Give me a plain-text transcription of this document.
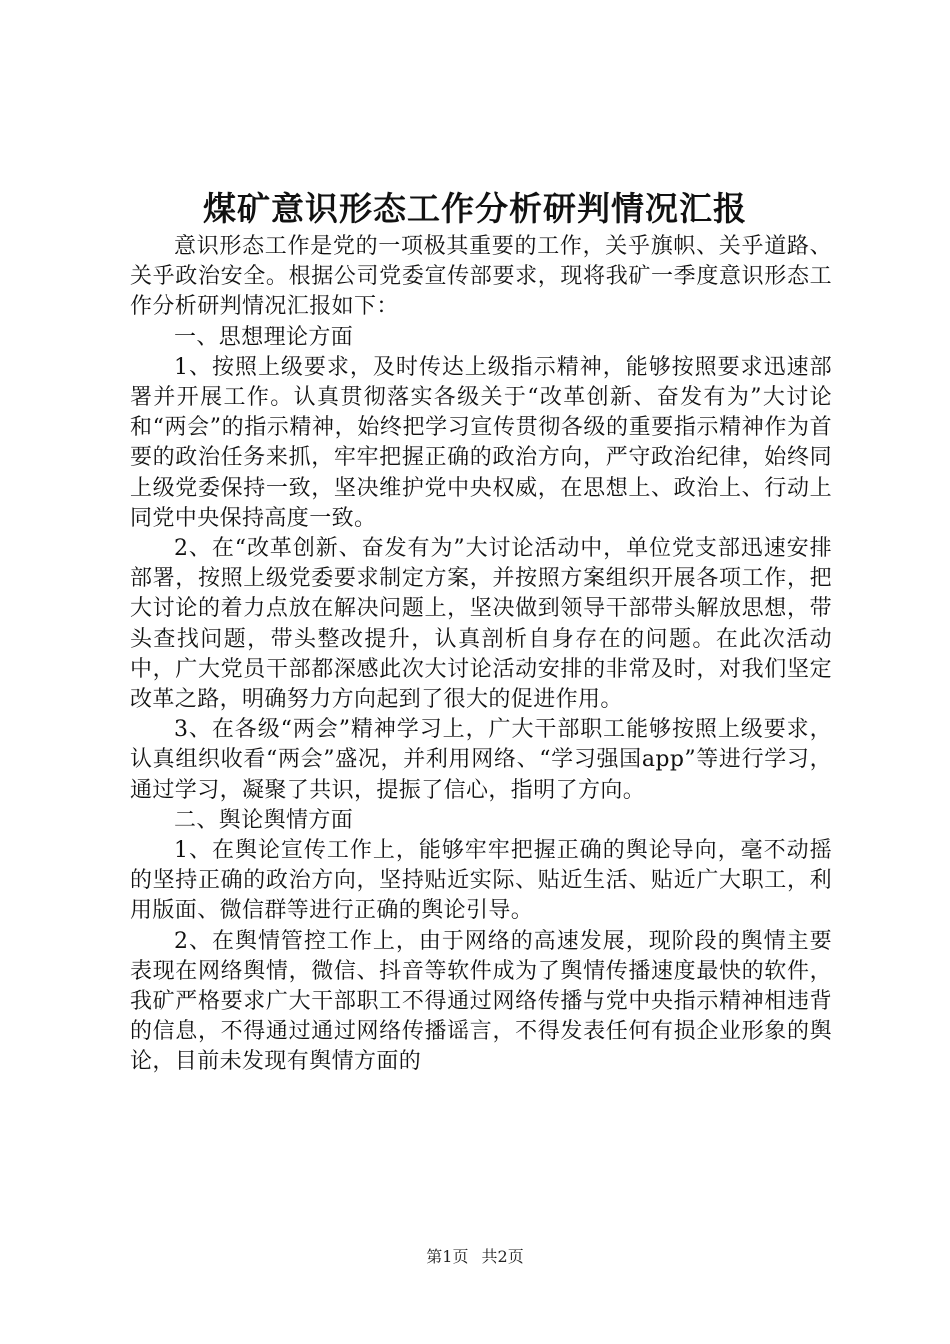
煤矿意识形态工作分析研判情况汇报

意识形态工作是党的一项极其重要的工作，关乎旗帜、关乎道路、关乎政治安全。根据公司党委宣传部要求，现将我矿一季度意识形态工作分析研判情况汇报如下：

一、思想理论方面

1、按照上级要求，及时传达上级指示精神，能够按照要求迅速部署并开展工作。认真贯彻落实各级关于“改革创新、奋发有为”大讨论和“两会”的指示精神，始终把学习宣传贯彻各级的重要指示精神作为首要的政治任务来抓，牢牢把握正确的政治方向，严守政治纪律，始终同上级党委保持一致，坚决维护党中央权威，在思想上、政治上、行动上同党中央保持高度一致。

2、在“改革创新、奋发有为”大讨论活动中，单位党支部迅速安排部署，按照上级党委要求制定方案，并按照方案组织开展各项工作，把大讨论的着力点放在解决问题上，坚决做到领导干部带头解放思想，带头查找问题，带头整改提升，认真剖析自身存在的问题。在此次活动中，广大党员干部都深感此次大讨论活动安排的非常及时，对我们坚定改革之路，明确努力方向起到了很大的促进作用。

3、在各级“两会”精神学习上，广大干部职工能够按照上级要求，认真组织收看“两会”盛况，并利用网络、“学习强国app”等进行学习，通过学习，凝聚了共识，提振了信心，指明了方向。

二、舆论舆情方面

1、在舆论宣传工作上，能够牢牢把握正确的舆论导向，毫不动摇的坚持正确的政治方向，坚持贴近实际、贴近生活、贴近广大职工，利用版面、微信群等进行正确的舆论引导。

2、在舆情管控工作上，由于网络的高速发展，现阶段的舆情主要表现在网络舆情，微信、抖音等软件成为了舆情传播速度最快的软件，我矿严格要求广大干部职工不得通过网络传播与党中央指示精神相违背的信息，不得通过通过网络传播谣言，不得发表任何有损企业形象的舆论，目前未发现有舆情方面的

第1页 共2页
